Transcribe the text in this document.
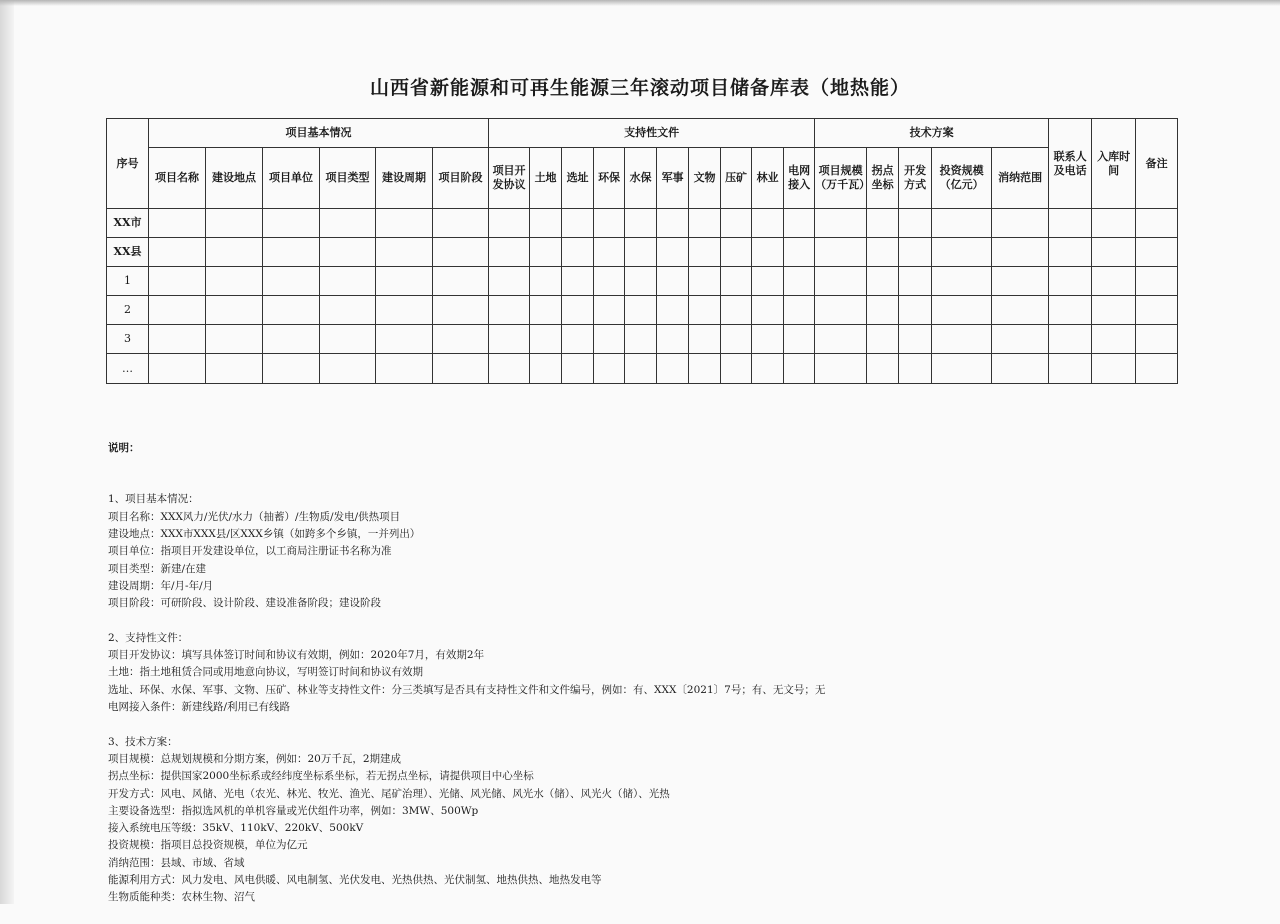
山西省新能源和可再生能源三年滚动项目储备库表（地热能）
序号	项目基本情况						支持性文件										技术方案					联系人及电话	入库时间	备注
	项目名称	建设地点	项目单位	项目类型	建设周期	项目阶段	项目开发协议	土地	选址	环保	水保	军事	文物	压矿	林业	电网接入	项目规模（万千瓦）	拐点坐标	开发方式	投资规模（亿元）	消纳范围			
XX市																								
XX县																								
1																								
2																								
3																								
…																								

说明：

1、项目基本情况：
项目名称：XXX风力/光伏/水力（抽蓄）/生物质/发电/供热项目
建设地点：XXX市XXX县/区XXX乡镇（如跨多个乡镇，一并列出）
项目单位：指项目开发建设单位，以工商局注册证书名称为准
项目类型：新建/在建
建设周期：年/月-年/月
项目阶段：可研阶段、设计阶段、建设准备阶段；建设阶段
2、支持性文件：
项目开发协议：填写具体签订时间和协议有效期，例如：2020年7月，有效期2年
土地：指土地租赁合同或用地意向协议，写明签订时间和协议有效期
选址、环保、水保、军事、文物、压矿、林业等支持性文件：分三类填写是否具有支持性文件和文件编号，例如：有、XXX〔2021〕7号；有、无文号；无
电网接入条件：新建线路/利用已有线路
3、技术方案：
项目规模：总规划规模和分期方案，例如：20万千瓦，2期建成
拐点坐标：提供国家2000坐标系或经纬度坐标系坐标，若无拐点坐标，请提供项目中心坐标
开发方式：风电、风储、光电（农光、林光、牧光、渔光、尾矿治理）、光储、风光储、风光水（储）、风光火（储）、光热
主要设备选型：指拟选风机的单机容量或光伏组件功率，例如：3MW、500Wp
接入系统电压等级：35kV、110kV、220kV、500kV
投资规模：指项目总投资规模，单位为亿元
消纳范围：县域、市域、省域
能源利用方式：风力发电、风电供暖、风电制氢、光伏发电、光热供热、光伏制氢、地热供热、地热发电等
生物质能种类：农林生物、沼气
